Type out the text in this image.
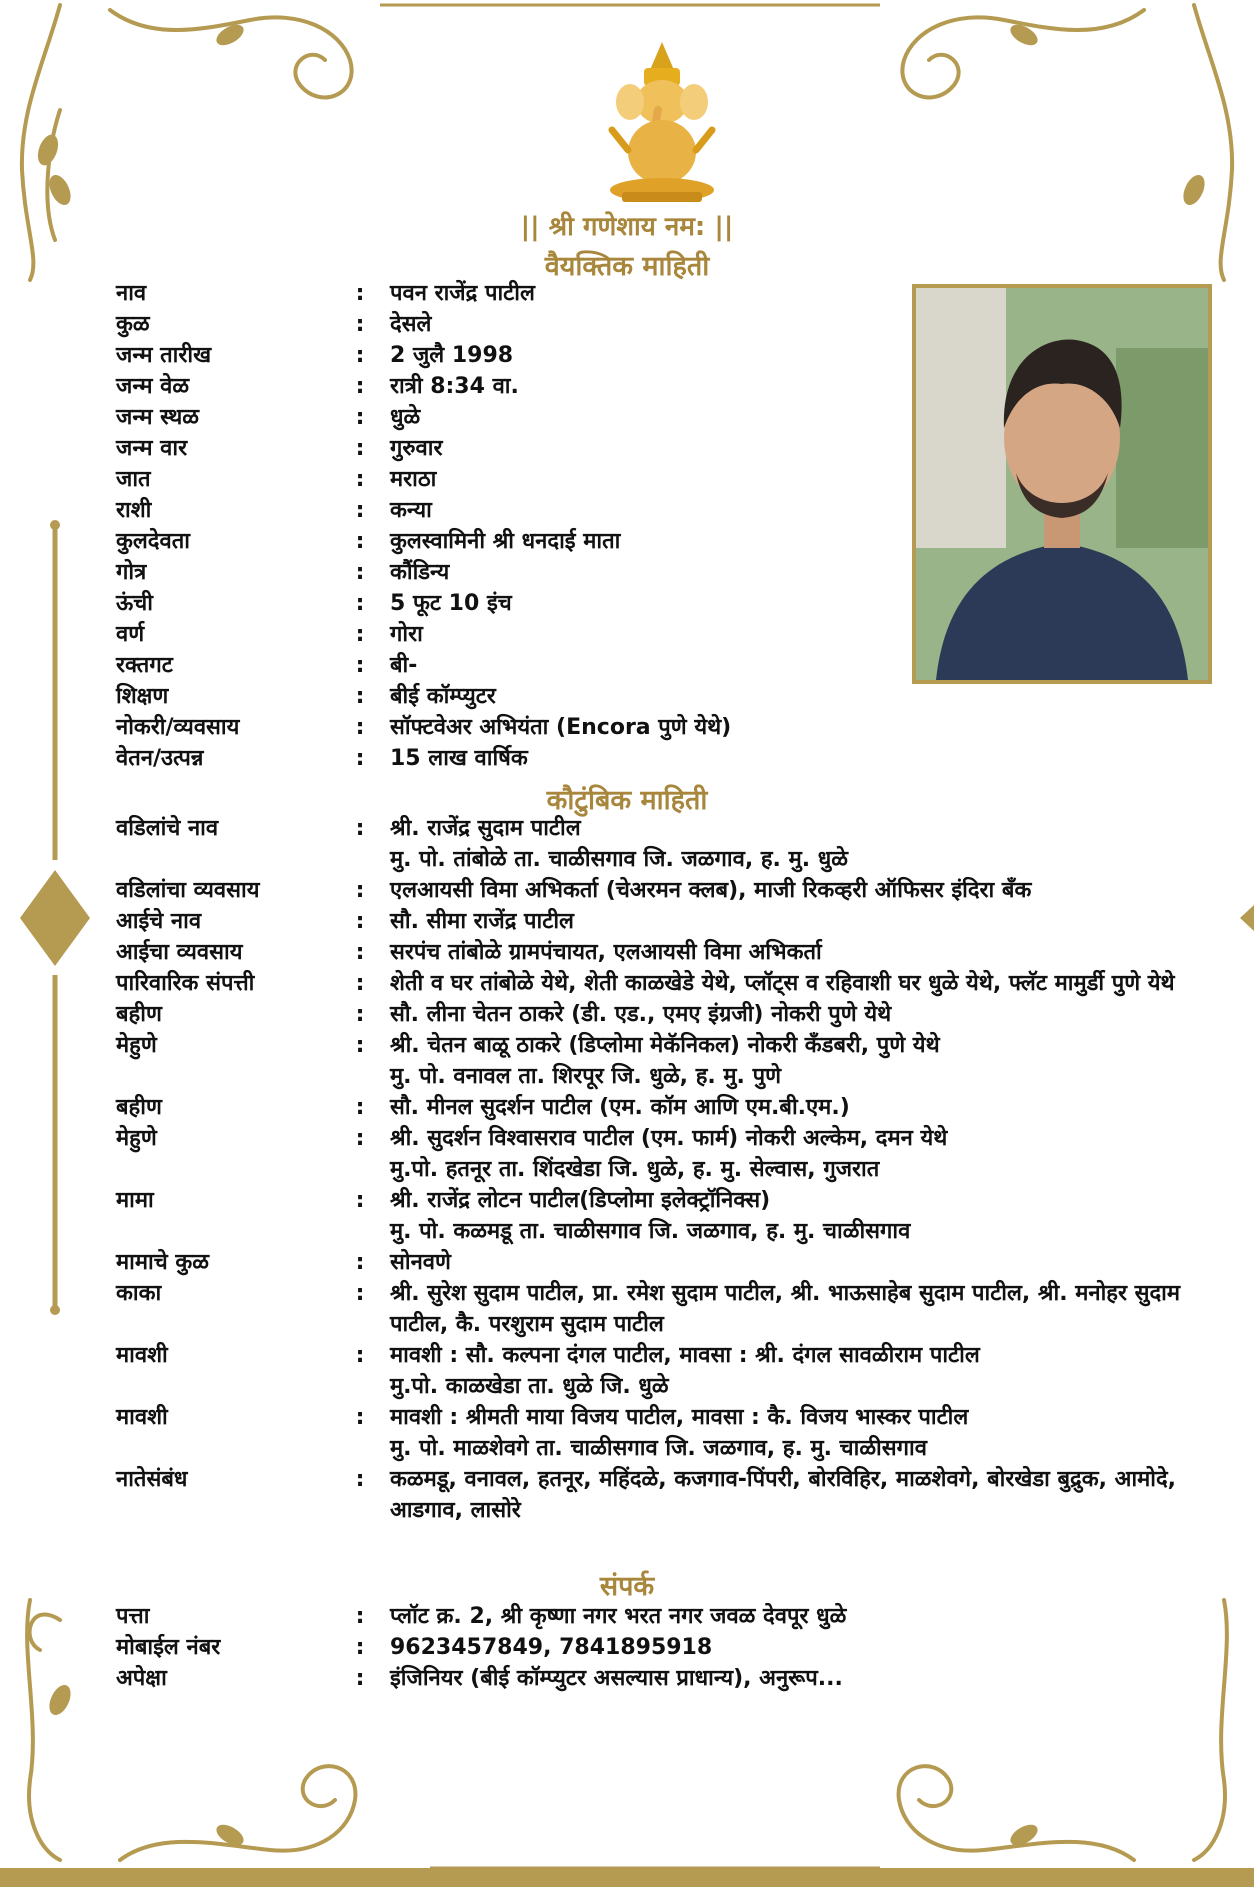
|| श्री गणेशाय नम: ||
वैयक्तिक माहिती
नाव	:	पवन राजेंद्र पाटील
कुळ	:	देसले
जन्म तारीख	:	2 जुलै 1998
जन्म वेळ	:	रात्री 8:34 वा.
जन्म स्थळ	:	धुळे
जन्म वार	:	गुरुवार
जात	:	मराठा
राशी	:	कन्या
कुलदेवता	:	कुलस्वामिनी श्री धनदाई माता
गोत्र	:	कौंडिन्य
ऊंची	:	5 फूट 10 इंच
वर्ण	:	गोरा
रक्तगट	:	बी-
शिक्षण	:	बीई कॉम्प्युटर
नोकरी/व्यवसाय	:	सॉफ्टवेअर अभियंता (Encora पुणे येथे)
वेतन/उत्पन्न	:	15 लाख वार्षिक
कौटुंबिक माहिती
वडिलांचे नाव	:	श्री. राजेंद्र सुदाम पाटील
मु. पो. तांबोळे ता. चाळीसगाव जि. जळगाव, ह. मु. धुळे
वडिलांचा व्यवसाय	:	एलआयसी विमा अभिकर्ता (चेअरमन क्लब), माजी रिकव्हरी ऑफिसर इंदिरा बँक
आईचे नाव	:	सौ. सीमा राजेंद्र पाटील
आईचा व्यवसाय	:	सरपंच तांबोळे ग्रामपंचायत, एलआयसी विमा अभिकर्ता
पारिवारिक संपत्ती	:	शेती व घर तांबोळे येथे, शेती काळखेडे येथे, प्लॉट्स व रहिवाशी घर धुळे येथे, फ्लॅट मामुर्डी पुणे येथे
बहीण	:	सौ. लीना चेतन ठाकरे (डी. एड., एमए इंग्रजी) नोकरी पुणे येथे
मेहुणे	:	श्री. चेतन बाळू ठाकरे (डिप्लोमा मेकॅनिकल) नोकरी कँडबरी, पुणे येथे
मु. पो. वनावल ता. शिरपूर जि. धुळे, ह. मु. पुणे
बहीण	:	सौ. मीनल सुदर्शन पाटील (एम. कॉम आणि एम.बी.एम.)
मेहुणे	:	श्री. सुदर्शन विश्वासराव पाटील (एम. फार्म) नोकरी अल्केम, दमन येथे
मु.पो. हतनूर ता. शिंदखेडा जि. धुळे, ह. मु. सेल्वास, गुजरात
मामा	:	श्री. राजेंद्र लोटन पाटील(डिप्लोमा इलेक्ट्रॉनिक्स)
मु. पो. कळमडू ता. चाळीसगाव जि. जळगाव, ह. मु. चाळीसगाव
मामाचे कुळ	:	सोनवणे
काका	:	श्री. सुरेश सुदाम पाटील, प्रा. रमेश सुदाम पाटील, श्री. भाऊसाहेब सुदाम पाटील, श्री. मनोहर सुदाम पाटील, कै. परशुराम सुदाम पाटील
मावशी	:	मावशी : सौ. कल्पना दंगल पाटील, मावसा : श्री. दंगल सावळीराम पाटील
मु.पो. काळखेडा ता. धुळे जि. धुळे
मावशी	:	मावशी : श्रीमती माया विजय पाटील, मावसा : कै. विजय भास्कर पाटील
मु. पो. माळशेवगे ता. चाळीसगाव जि. जळगाव, ह. मु. चाळीसगाव
नातेसंबंध	:	कळमडू, वनावल, हतनूर, महिंदळे, कजगाव-पिंपरी, बोरविहिर, माळशेवगे, बोरखेडा बुद्रुक, आमोदे, आडगाव, लासोरे
संपर्क
पत्ता	:	प्लॉट क्र. 2, श्री कृष्णा नगर भरत नगर जवळ देवपूर धुळे
मोबाईल नंबर	:	9623457849, 7841895918
अपेक्षा	:	इंजिनियर (बीई कॉम्प्युटर असल्यास प्राधान्य), अनुरूप...
